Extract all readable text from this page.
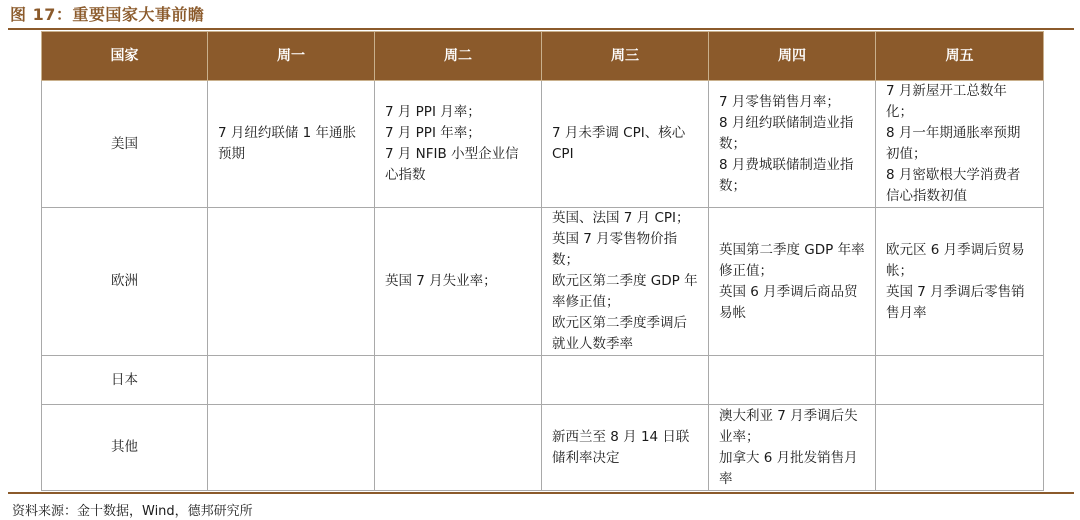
图 17：重要国家大事前瞻
国家	周一	周二	周三	周四	周五
美国	7 月纽约联储 1 年通胀预期	7 月 PPI 月率；
7 月 PPI 年率；
7 月 NFIB 小型企业信心指数	7 月未季调 CPI、核心 CPI	7 月零售销售月率；
8 月纽约联储制造业指数；
8 月费城联储制造业指数；	7 月新屋开工总数年化；
8 月一年期通胀率预期初值；
8 月密歇根大学消费者信心指数初值

欧洲		英国 7 月失业率；	英国、法国 7 月 CPI；
英国 7 月零售物价指数；
欧元区第二季度 GDP 年率修正值；
欧元区第二季度季调后就业人数季率	英国第二季度 GDP 年率修正值；
英国 6 月季调后商品贸易帐	欧元区 6 月季调后贸易帐；
英国 7 月季调后零售销售月率

日本					
其他			新西兰至 8 月 14 日联储利率决定	澳大利亚 7 月季调后失业率；
加拿大 6 月批发销售月率	

资料来源：金十数据，Wind，德邦研究所
